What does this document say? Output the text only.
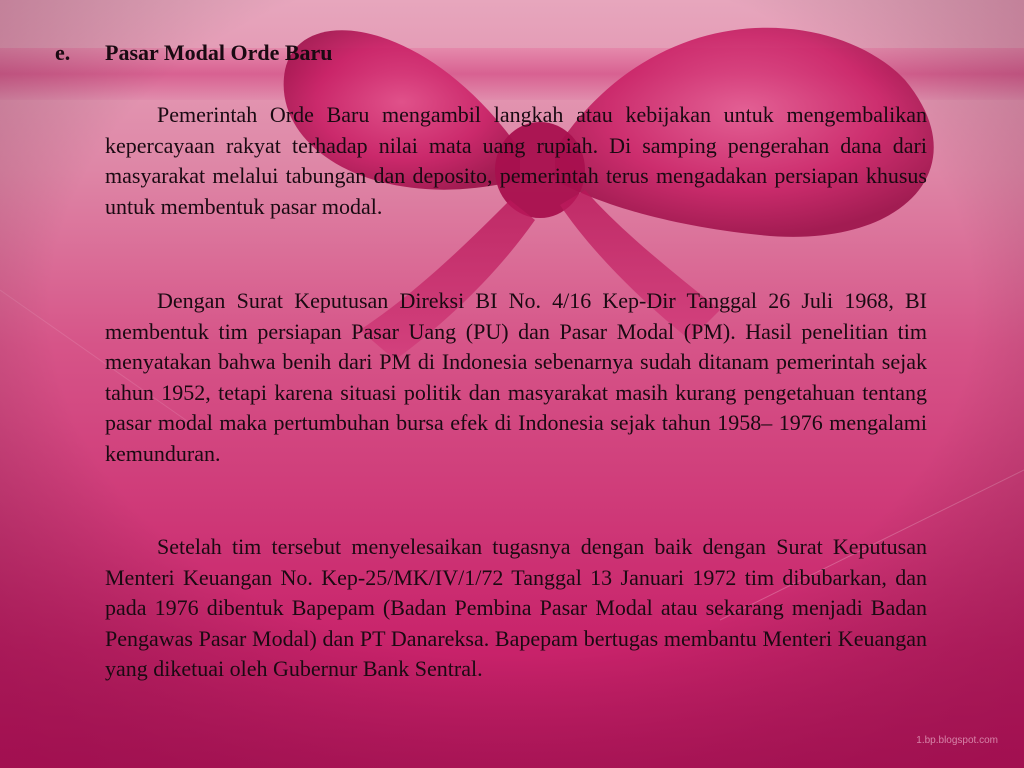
e. Pasar Modal Orde Baru

Pemerintah Orde Baru mengambil langkah atau kebijakan untuk mengembalikan kepercayaan rakyat terhadap nilai mata uang rupiah. Di samping pengerahan dana dari masyarakat melalui tabungan dan deposito, pemerintah terus mengadakan persiapan khusus untuk membentuk pasar modal.

Dengan Surat Keputusan Direksi BI No. 4/16 Kep-Dir Tanggal 26 Juli 1968, BI membentuk tim persiapan Pasar Uang (PU) dan Pasar Modal (PM). Hasil penelitian tim menyatakan bahwa benih dari PM di Indonesia sebenarnya sudah ditanam pemerintah sejak tahun 1952, tetapi karena situasi politik dan masyarakat masih kurang pengetahuan tentang pasar modal maka pertumbuhan bursa efek di Indonesia sejak tahun 1958– 1976 mengalami kemunduran.

Setelah tim tersebut menyelesaikan tugasnya dengan baik dengan Surat Keputusan Menteri Keuangan No. Kep-25/MK/IV/1/72 Tanggal 13 Januari 1972 tim dibubarkan, dan pada 1976 dibentuk Bapepam (Badan Pembina Pasar Modal atau sekarang menjadi Badan Pengawas Pasar Modal) dan PT Danareksa. Bapepam bertugas membantu Menteri Keuangan yang diketuai oleh Gubernur Bank Sentral.

1.bp.blogspot.com
